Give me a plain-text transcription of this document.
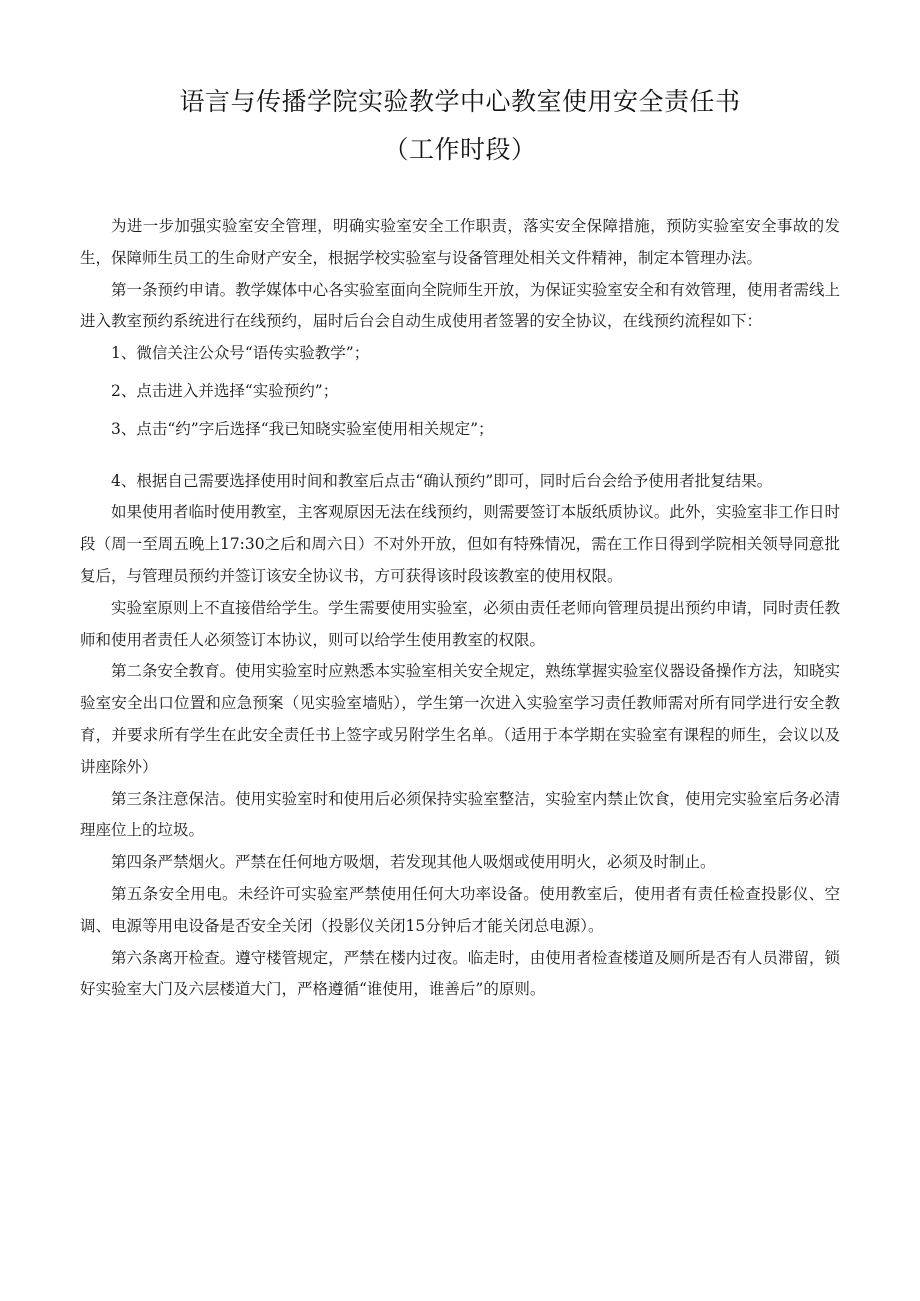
语言与传播学院实验教学中心教室使用安全责任书
（工作时段）

为进一步加强实验室安全管理，明确实验室安全工作职责，落实安全保障措施，预防实验室安全事故的发生，保障师生员工的生命财产安全，根据学校实验室与设备管理处相关文件精神，制定本管理办法。

第一条预约申请。教学媒体中心各实验室面向全院师生开放，为保证实验室安全和有效管理，使用者需线上进入教室预约系统进行在线预约，届时后台会自动生成使用者签署的安全协议，在线预约流程如下：

1、微信关注公众号“语传实验教学”；

2、点击进入并选择“实验预约”；

3、点击“约”字后选择“我已知晓实验室使用相关规定”；

4、根据自己需要选择使用时间和教室后点击“确认预约”即可，同时后台会给予使用者批复结果。

如果使用者临时使用教室，主客观原因无法在线预约，则需要签订本版纸质协议。此外，实验室非工作日时段（周一至周五晚上17:30之后和周六日）不对外开放，但如有特殊情况，需在工作日得到学院相关领导同意批复后，与管理员预约并签订该安全协议书，方可获得该时段该教室的使用权限。

实验室原则上不直接借给学生。学生需要使用实验室，必须由责任老师向管理员提出预约申请，同时责任教师和使用者责任人必须签订本协议，则可以给学生使用教室的权限。

第二条安全教育。使用实验室时应熟悉本实验室相关安全规定，熟练掌握实验室仪器设备操作方法，知晓实验室安全出口位置和应急预案（见实验室墙贴），学生第一次进入实验室学习责任教师需对所有同学进行安全教育，并要求所有学生在此安全责任书上签字或另附学生名单。（适用于本学期在实验室有课程的师生，会议以及讲座除外）

第三条注意保洁。使用实验室时和使用后必须保持实验室整洁，实验室内禁止饮食，使用完实验室后务必清理座位上的垃圾。

第四条严禁烟火。严禁在任何地方吸烟，若发现其他人吸烟或使用明火，必须及时制止。

第五条安全用电。未经许可实验室严禁使用任何大功率设备。使用教室后，使用者有责任检查投影仪、空调、电源等用电设备是否安全关闭（投影仪关闭15分钟后才能关闭总电源）。

第六条离开检查。遵守楼管规定，严禁在楼内过夜。临走时，由使用者检查楼道及厕所是否有人员滞留，锁好实验室大门及六层楼道大门，严格遵循“谁使用，谁善后”的原则。
